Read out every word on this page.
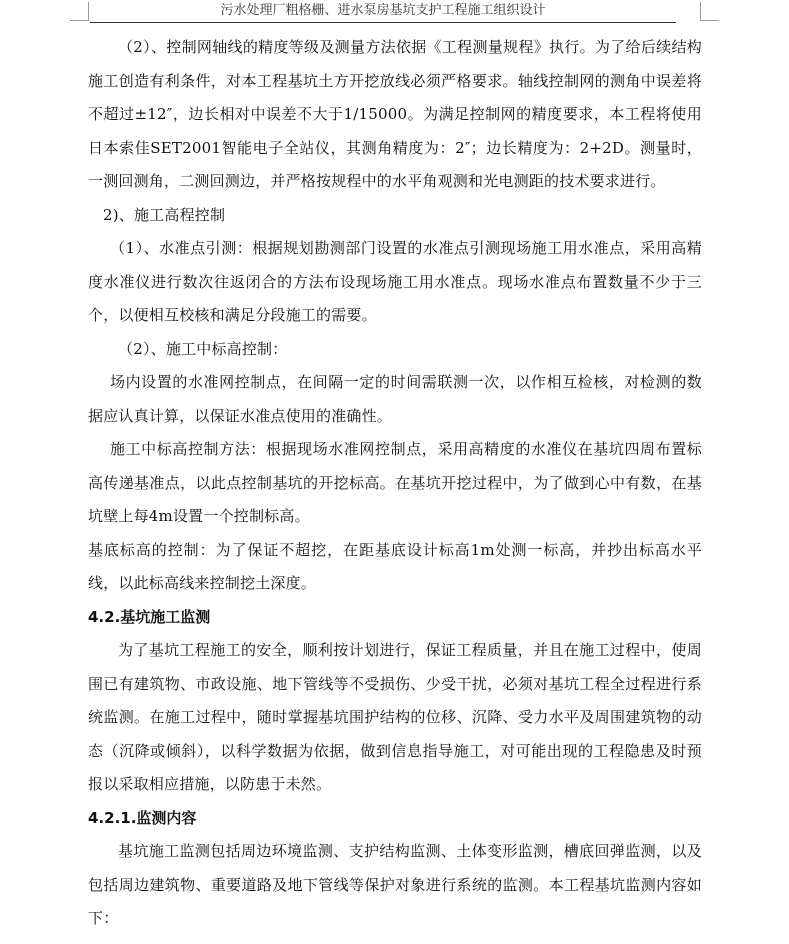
污水处理厂粗格栅、进水泵房基坑支护工程施工组织设计

（2）、控制网轴线的精度等级及测量方法依据《工程测量规程》执行。为了给后续结构施工创造有利条件，对本工程基坑土方开挖放线必须严格要求。轴线控制网的测角中误差将不超过±12″，边长相对中误差不大于1/15000。为满足控制网的精度要求，本工程将使用日本索佳SET2001智能电子全站仪，其测角精度为：2″；边长精度为：2+2D。测量时，一测回测角，二测回测边，并严格按规程中的水平角观测和光电测距的技术要求进行。

2)、施工高程控制

（1）、水准点引测：根据规划勘测部门设置的水准点引测现场施工用水准点，采用高精度水准仪进行数次往返闭合的方法布设现场施工用水准点。现场水准点布置数量不少于三个，以便相互校核和满足分段施工的需要。

（2）、施工中标高控制：

场内设置的水准网控制点，在间隔一定的时间需联测一次，以作相互检核，对检测的数据应认真计算，以保证水准点使用的准确性。

施工中标高控制方法：根据现场水准网控制点，采用高精度的水准仪在基坑四周布置标高传递基准点，以此点控制基坑的开挖标高。在基坑开挖过程中，为了做到心中有数，在基坑壁上每4m设置一个控制标高。

基底标高的控制：为了保证不超挖，在距基底设计标高1m处测一标高，并抄出标高水平线，以此标高线来控制挖土深度。

4.2.基坑施工监测

为了基坑工程施工的安全，顺利按计划进行，保证工程质量，并且在施工过程中，使周围已有建筑物、市政设施、地下管线等不受损伤、少受干扰，必须对基坑工程全过程进行系统监测。在施工过程中，随时掌握基坑围护结构的位移、沉降、受力水平及周围建筑物的动态（沉降或倾斜），以科学数据为依据，做到信息指导施工，对可能出现的工程隐患及时预报以采取相应措施，以防患于未然。

4.2.1.监测内容

基坑施工监测包括周边环境监测、支护结构监测、土体变形监测，槽底回弹监测，以及包括周边建筑物、重要道路及地下管线等保护对象进行系统的监测。本工程基坑监测内容如下：
